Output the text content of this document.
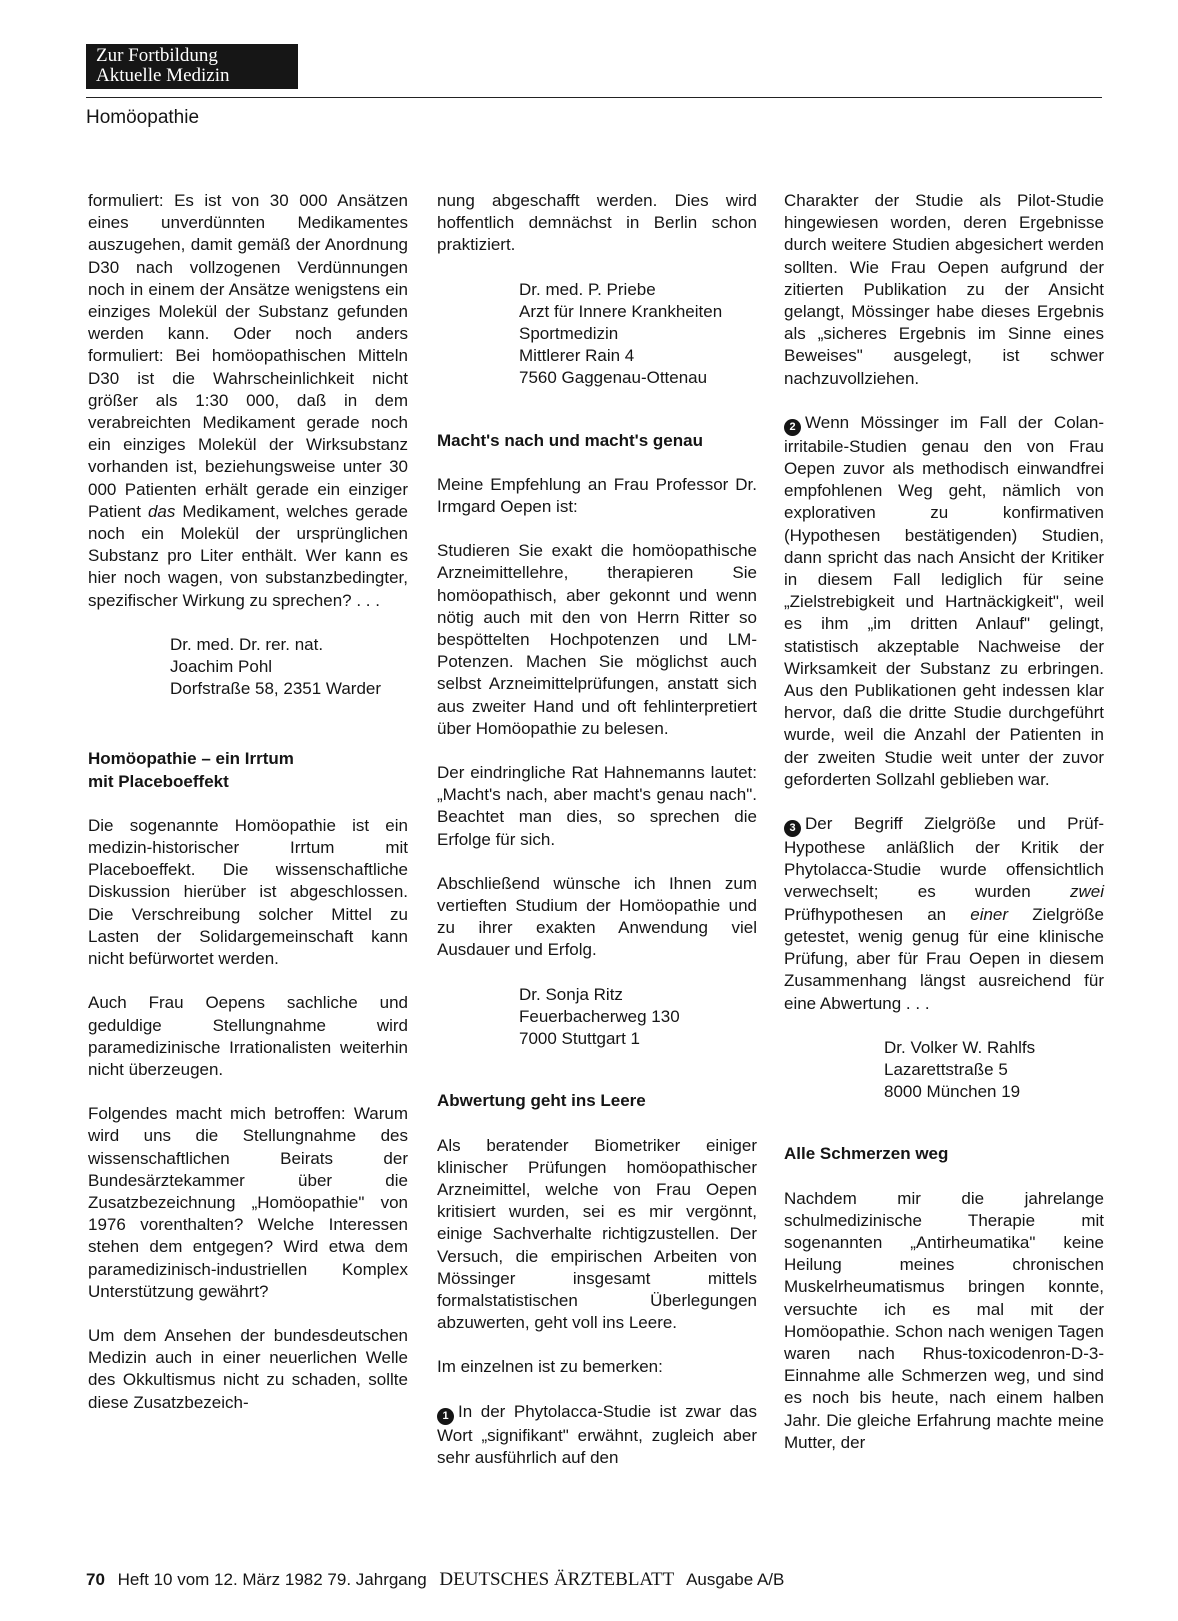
Zur Fortbildung
Aktuelle Medizin
Homöopathie

formuliert: Es ist von 30 000 Ansätzen eines unverdünnten Medikamentes auszugehen, damit gemäß der Anordnung D30 nach vollzogenen Verdünnungen noch in einem der Ansätze wenigstens ein einziges Molekül der Substanz gefunden werden kann. Oder noch anders formuliert: Bei homöopathischen Mitteln D30 ist die Wahrscheinlichkeit nicht größer als 1:30 000, daß in dem verabreichten Medikament gerade noch ein einziges Molekül der Wirksubstanz vorhanden ist, beziehungsweise unter 30 000 Patienten erhält gerade ein einziger Patient das Medikament, welches gerade noch ein Molekül der ursprünglichen Substanz pro Liter enthält. Wer kann es hier noch wagen, von substanzbedingter, spezifischer Wirkung zu sprechen? . . .

Dr. med. Dr. rer. nat.
Joachim Pohl
Dorfstraße 58, 2351 Warder
Homöopathie – ein Irrtum
mit Placeboeffekt

Die sogenannte Homöopathie ist ein medizin-historischer Irrtum mit Placeboeffekt. Die wissenschaftliche Diskussion hierüber ist abgeschlossen. Die Verschreibung solcher Mittel zu Lasten der Solidargemeinschaft kann nicht befürwortet werden.

Auch Frau Oepens sachliche und geduldige Stellungnahme wird paramedizinische Irrationalisten weiterhin nicht überzeugen.

Folgendes macht mich betroffen: Warum wird uns die Stellungnahme des wissenschaftlichen Beirats der Bundesärztekammer über die Zusatzbezeichnung „Homöopathie" von 1976 vorenthalten? Welche Interessen stehen dem entgegen? Wird etwa dem paramedizinisch-industriellen Komplex Unterstützung gewährt?

Um dem Ansehen der bundesdeutschen Medizin auch in einer neuerlichen Welle des Okkultismus nicht zu schaden, sollte diese Zusatzbezeich-

nung abgeschafft werden. Dies wird hoffentlich demnächst in Berlin schon praktiziert.

Dr. med. P. Priebe
Arzt für Innere Krankheiten
Sportmedizin
Mittlerer Rain 4
7560 Gaggenau-Ottenau
Macht's nach und macht's genau

Meine Empfehlung an Frau Professor Dr. Irmgard Oepen ist:

Studieren Sie exakt die homöopathische Arzneimittellehre, therapieren Sie homöopathisch, aber gekonnt und wenn nötig auch mit den von Herrn Ritter so bespöttelten Hochpotenzen und LM-Potenzen. Machen Sie möglichst auch selbst Arzneimittelprüfungen, anstatt sich aus zweiter Hand und oft fehlinterpretiert über Homöopathie zu belesen.

Der eindringliche Rat Hahnemanns lautet: „Macht's nach, aber macht's genau nach". Beachtet man dies, so sprechen die Erfolge für sich.

Abschließend wünsche ich Ihnen zum vertieften Studium der Homöopathie und zu ihrer exakten Anwendung viel Ausdauer und Erfolg.

Dr. Sonja Ritz
Feuerbacherweg 130
7000 Stuttgart 1
Abwertung geht ins Leere

Als beratender Biometriker einiger klinischer Prüfungen homöopathischer Arzneimittel, welche von Frau Oepen kritisiert wurden, sei es mir vergönnt, einige Sachverhalte richtigzustellen. Der Versuch, die empirischen Arbeiten von Mössinger insgesamt mittels formalstatistischen Überlegungen abzuwerten, geht voll ins Leere.

Im einzelnen ist zu bemerken:

1 In der Phytolacca-Studie ist zwar das Wort „signifikant" erwähnt, zugleich aber sehr ausführlich auf den

Charakter der Studie als Pilot-Studie hingewiesen worden, deren Ergebnisse durch weitere Studien abgesichert werden sollten. Wie Frau Oepen aufgrund der zitierten Publikation zu der Ansicht gelangt, Mössinger habe dieses Ergebnis als „sicheres Ergebnis im Sinne eines Beweises" ausgelegt, ist schwer nachzuvollziehen.

2 Wenn Mössinger im Fall der Colan-irritabile-Studien genau den von Frau Oepen zuvor als methodisch einwandfrei empfohlenen Weg geht, nämlich von explorativen zu konfirmativen (Hypothesen bestätigenden) Studien, dann spricht das nach Ansicht der Kritiker in diesem Fall lediglich für seine „Zielstrebigkeit und Hartnäckigkeit", weil es ihm „im dritten Anlauf" gelingt, statistisch akzeptable Nachweise der Wirksamkeit der Substanz zu erbringen. Aus den Publikationen geht indessen klar hervor, daß die dritte Studie durchgeführt wurde, weil die Anzahl der Patienten in der zweiten Studie weit unter der zuvor geforderten Sollzahl geblieben war.

3 Der Begriff Zielgröße und Prüf-Hypothese anläßlich der Kritik der Phytolacca-Studie wurde offensichtlich verwechselt; es wurden zwei Prüfhypothesen an einer Zielgröße getestet, wenig genug für eine klinische Prüfung, aber für Frau Oepen in diesem Zusammenhang längst ausreichend für eine Abwertung . . .

Dr. Volker W. Rahlfs
Lazarettstraße 5
8000 München 19
Alle Schmerzen weg

Nachdem mir die jahrelange schulmedizinische Therapie mit sogenannten „Antirheumatika" keine Heilung meines chronischen Muskelrheumatismus bringen konnte, versuchte ich es mal mit der Homöopathie. Schon nach wenigen Tagen waren nach Rhus-toxicodenron-D-3-Einnahme alle Schmerzen weg, und sind es noch bis heute, nach einem halben Jahr. Die gleiche Erfahrung machte meine Mutter, der

70 Heft 10 vom 12. März 1982 79. Jahrgang DEUTSCHES ÄRZTEBLATT Ausgabe A/B
